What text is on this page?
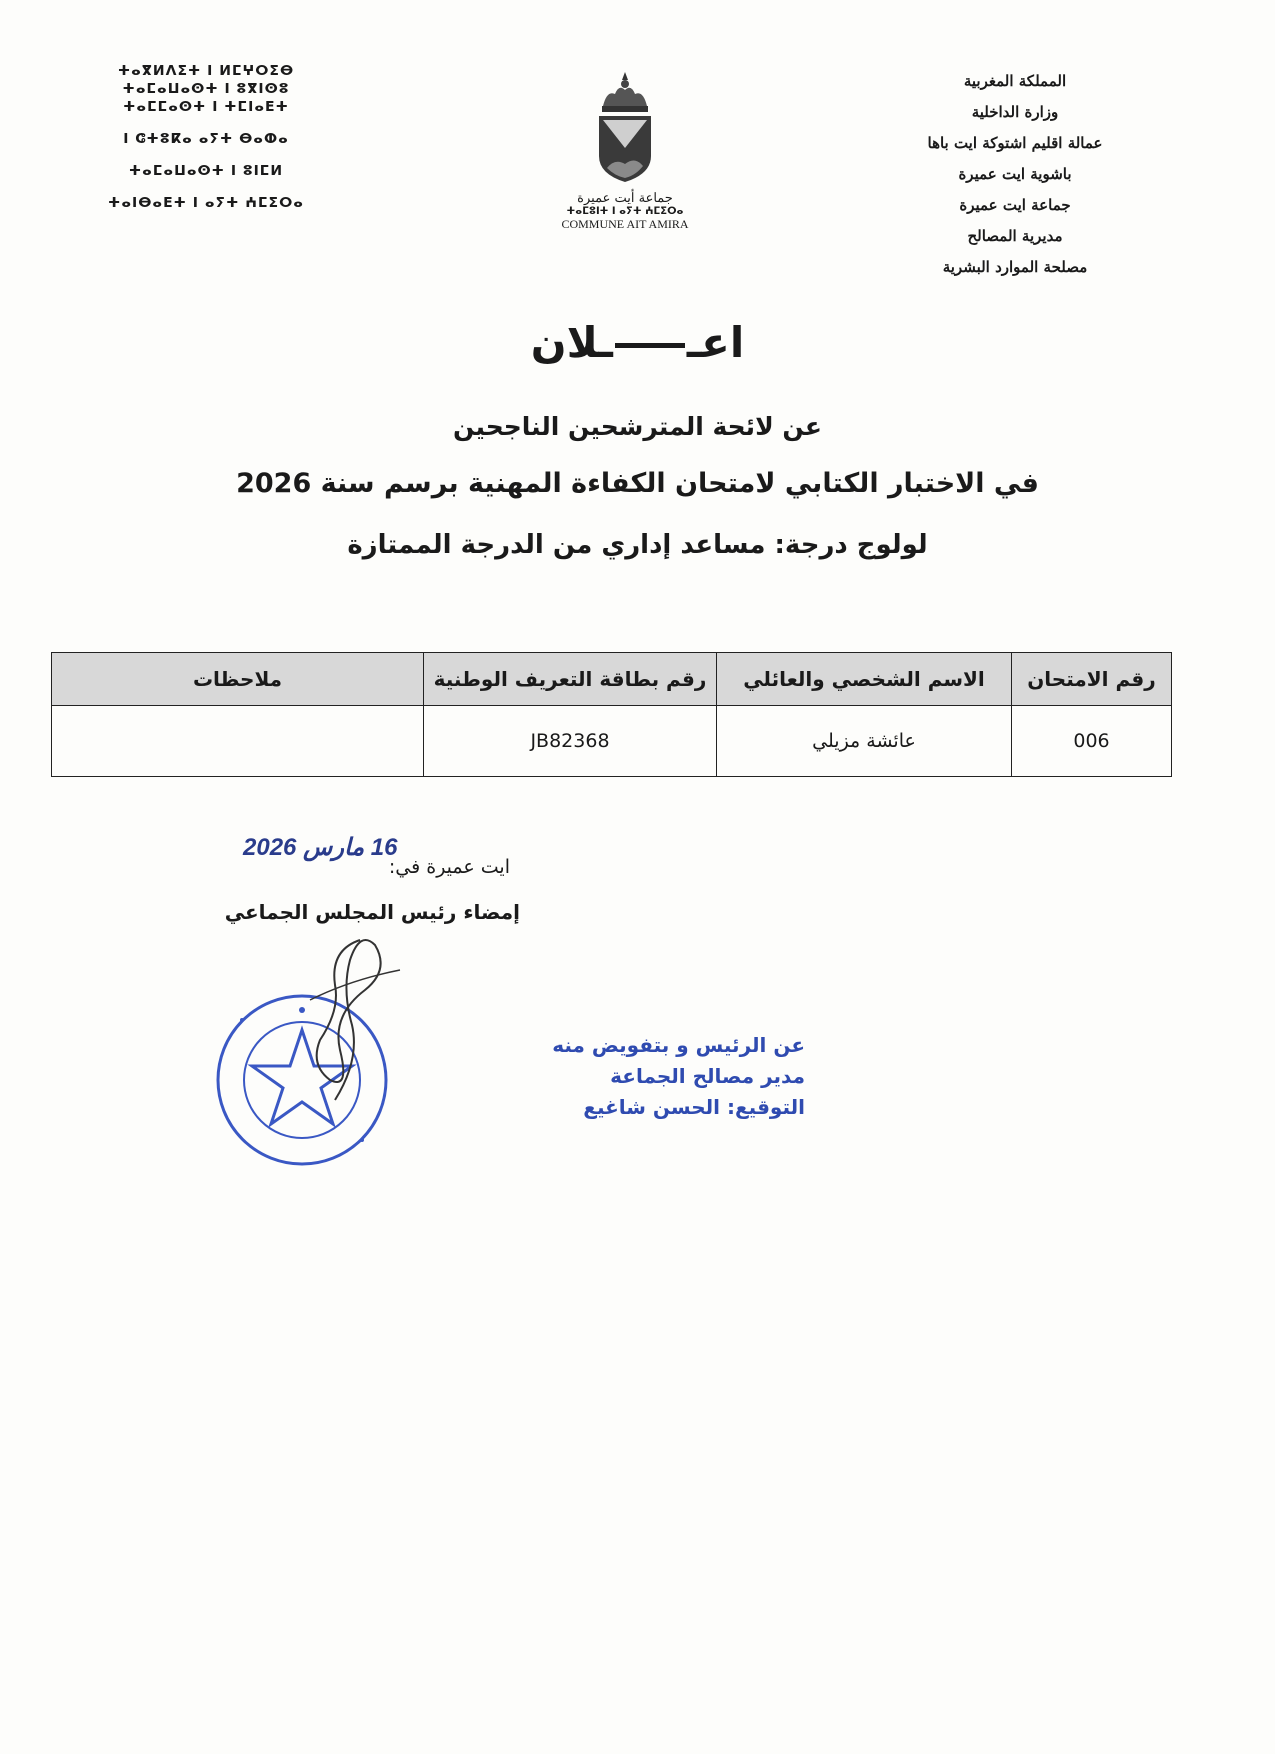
المملكة المغربية
وزارة الداخلية
عمالة اقليم اشتوكة ايت باها
باشوية ايت عميرة
جماعة ايت عميرة
مديرية المصالح
مصلحة الموارد البشرية
ⵜⴰⴳⵍⴷⵉⵜ ⵏ ⵍⵎⵖⵔⵉⴱ
ⵜⴰⵎⴰⵡⴰⵙⵜ ⵏ ⵓⴳⵏⵙⵓ
ⵜⴰⵎⵎⴰⵙⵜ ⵏ ⵜⵎⵏⴰⴹⵜ
ⵏ ⵛⵜⵓⴽⴰ ⴰⵢⵜ ⴱⴰⵀⴰ
ⵜⴰⵎⴰⵡⴰⵙⵜ ⵏ ⵓⵏⵎⵍ
ⵜⴰⵏⴱⴰⴹⵜ ⵏ ⴰⵢⵜ ⵄⵎⵉⵔⴰ	جماعة أيت عميرة
ⵜⴰⵎⵓⵏⵜ ⵏ ⴰⵢⵜ ⵄⵎⵉⵔⴰ
COMMUNE AIT AMIRA
اعــلان
عن لائحة المترشحين الناجحين
في الاختبار الكتابي لامتحان الكفاءة المهنية برسم سنة 2026
لولوج درجة: مساعد إداري من الدرجة الممتازة
رقم الامتحان	الاسم الشخصي والعائلي	رقم بطاقة التعريف الوطنية	ملاحظات
006	عائشة مزيلي	JB82368	
16 مارس 2026
ايت عميرة في:
إمضاء رئيس المجلس الجماعي
عن الرئيس و بتفويض منه
مدير مصالح الجماعة
التوقيع: الحسن شاغيع
